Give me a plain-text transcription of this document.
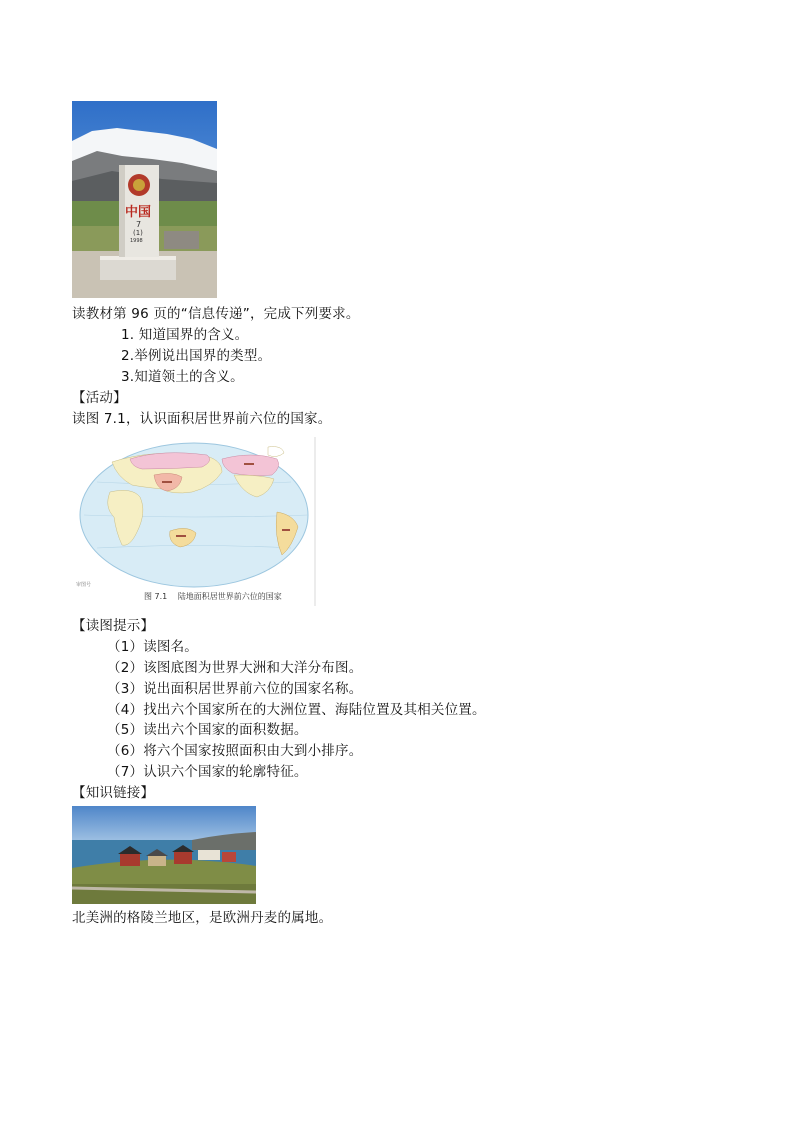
中国
7
(1)
1998
读教材第 96 页的“信息传递”，完成下列要求。
1. 知道国界的含义。
2.举例说出国界的类型。
3.知道领土的含义。
【活动】
读图 7.1，认识面积居世界前六位的国家。
审图号
图 7.1 陆地面积居世界前六位的国家
【读图提示】
（1）读图名。
（2）该图底图为世界大洲和大洋分布图。
（3）说出面积居世界前六位的国家名称。
（4）找出六个国家所在的大洲位置、海陆位置及其相关位置。
（5）读出六个国家的面积数据。
（6）将六个国家按照面积由大到小排序。
（7）认识六个国家的轮廓特征。
【知识链接】
北美洲的格陵兰地区，是欧洲丹麦的属地。
